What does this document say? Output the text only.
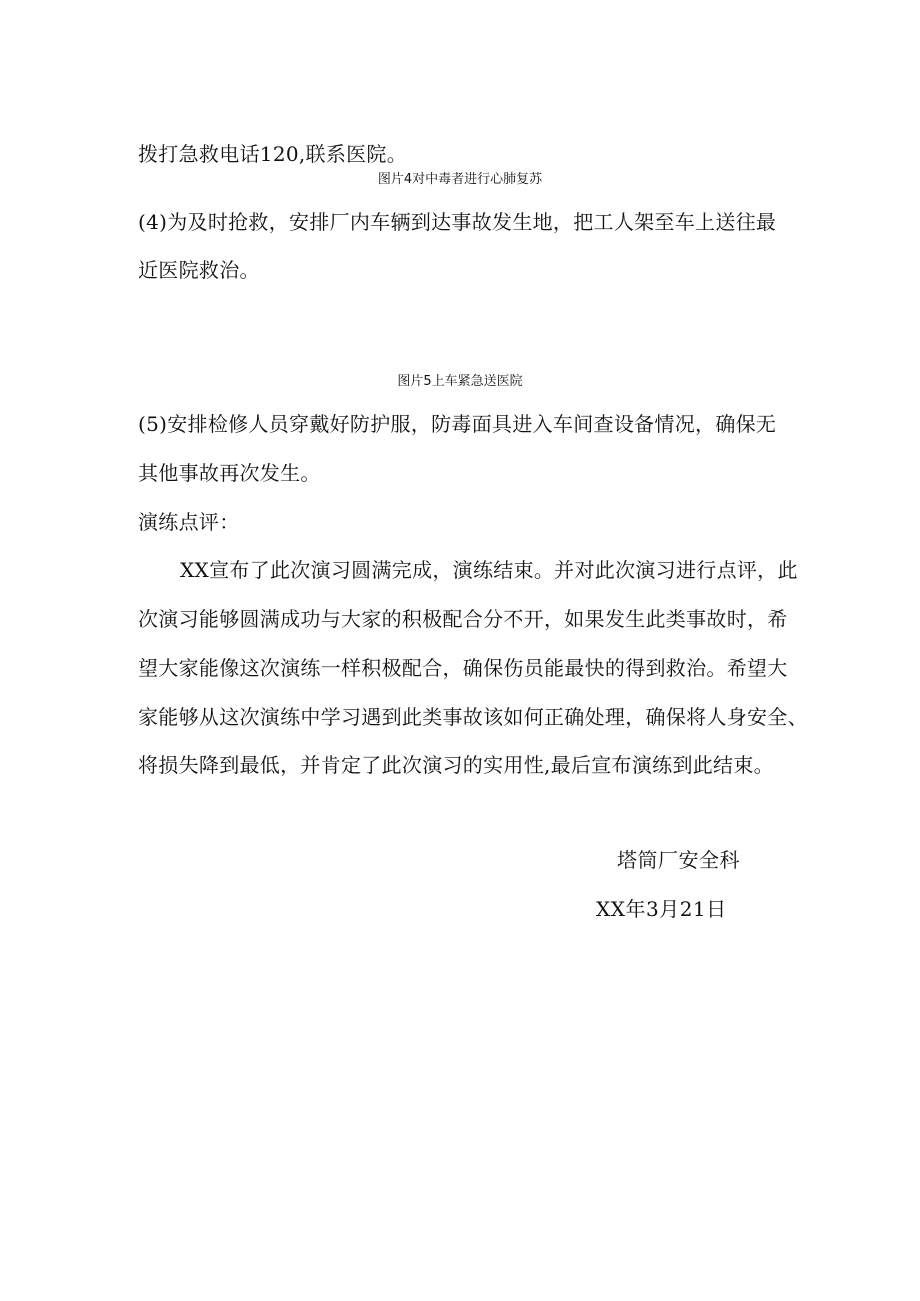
拨打急救电话120,联系医院。
图片4对中毒者进行心肺复苏
(4)为及时抢救，安排厂内车辆到达事故发生地，把工人架至车上送往最
近医院救治。
图片5上车紧急送医院
(5)安排检修人员穿戴好防护服，防毒面具进入车间查设备情况，确保无
其他事故再次发生。
演练点评：
XX宣布了此次演习圆满完成，演练结束。并对此次演习进行点评，此
次演习能够圆满成功与大家的积极配合分不开，如果发生此类事故时，希
望大家能像这次演练一样积极配合，确保伤员能最快的得到救治。希望大
家能够从这次演练中学习遇到此类事故该如何正确处理，确保将人身安全、
将损失降到最低，并肯定了此次演习的实用性,最后宣布演练到此结束。
塔筒厂安全科
XX年3月21日
